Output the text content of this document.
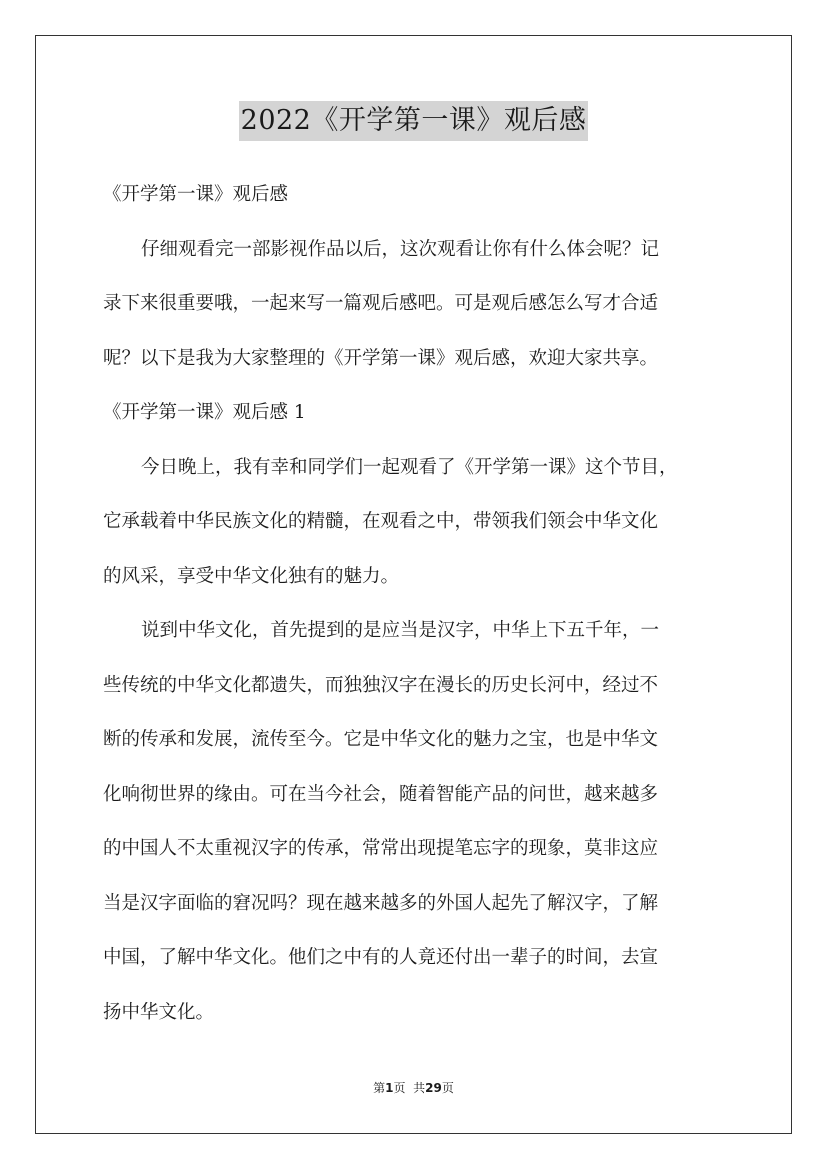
2022《开学第一课》观后感
《开学第一课》观后感
仔细观看完一部影视作品以后，这次观看让你有什么体会呢？记
录下来很重要哦，一起来写一篇观后感吧。可是观后感怎么写才合适
呢？以下是我为大家整理的《开学第一课》观后感，欢迎大家共享。
《开学第一课》观后感 1
今日晚上，我有幸和同学们一起观看了《开学第一课》这个节目，
它承载着中华民族文化的精髓，在观看之中，带领我们领会中华文化
的风采，享受中华文化独有的魅力。
说到中华文化，首先提到的是应当是汉字，中华上下五千年，一
些传统的中华文化都遗失，而独独汉字在漫长的历史长河中，经过不
断的传承和发展，流传至今。它是中华文化的魅力之宝，也是中华文
化响彻世界的缘由。可在当今社会，随着智能产品的问世，越来越多
的中国人不太重视汉字的传承，常常出现提笔忘字的现象，莫非这应
当是汉字面临的窘况吗？现在越来越多的外国人起先了解汉字，了解
中国，了解中华文化。他们之中有的人竟还付出一辈子的时间，去宣
扬中华文化。
第1页 共29页
